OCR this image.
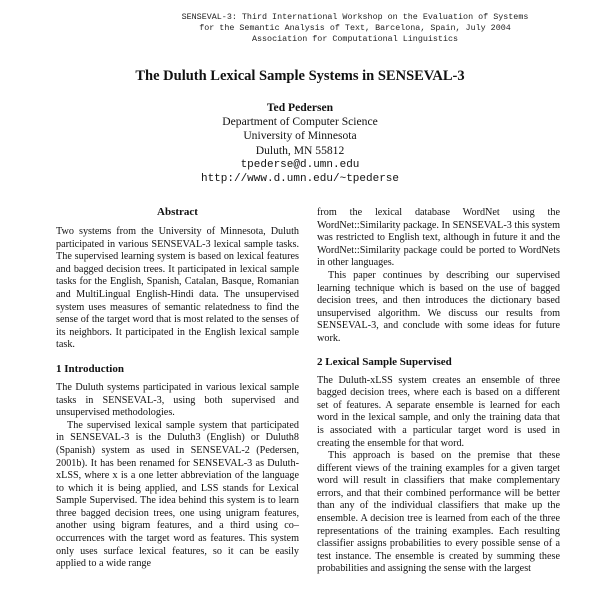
SENSEVAL-3: Third International Workshop on the Evaluation of Systems
for the Semantic Analysis of Text, Barcelona, Spain, July 2004
Association for Computational Linguistics
The Duluth Lexical Sample Systems in SENSEVAL-3
Ted Pedersen
Department of Computer Science
University of Minnesota
Duluth, MN 55812
tpederse@d.umn.edu
http://www.d.umn.edu/~tpederse
Abstract

Two systems from the University of Minnesota, Duluth participated in various SENSEVAL-3 lexical sample tasks. The supervised learning system is based on lexical features and bagged decision trees. It participated in lexical sample tasks for the English, Spanish, Catalan, Basque, Romanian and MultiLingual English-Hindi data. The unsupervised system uses measures of semantic relatedness to find the sense of the target word that is most related to the senses of its neighbors. It participated in the English lexical sample task.

1 Introduction

The Duluth systems participated in various lexical sample tasks in SENSEVAL-3, using both supervised and unsupervised methodologies.

The supervised lexical sample system that participated in SENSEVAL-3 is the Duluth3 (English) or Duluth8 (Spanish) system as used in SENSEVAL-2 (Pedersen, 2001b). It has been renamed for SENSEVAL-3 as Duluth-xLSS, where x is a one letter abbreviation of the language to which it is being applied, and LSS stands for Lexical Sample Supervised. The idea behind this system is to learn three bagged decision trees, one using unigram features, another using bigram features, and a third using co–occurrences with the target word as features. This system only uses surface lexical features, so it can be easily applied to a wide range

from the lexical database WordNet using the WordNet::Similarity package. In SENSEVAL-3 this system was restricted to English text, although in future it and the WordNet::Similarity package could be ported to WordNets in other languages.

This paper continues by describing our supervised learning technique which is based on the use of bagged decision trees, and then introduces the dictionary based unsupervised algorithm. We discuss our results from SENSEVAL-3, and conclude with some ideas for future work.

2 Lexical Sample Supervised

The Duluth-xLSS system creates an ensemble of three bagged decision trees, where each is based on a different set of features. A separate ensemble is learned for each word in the lexical sample, and only the training data that is associated with a particular target word is used in creating the ensemble for that word.

This approach is based on the premise that these different views of the training examples for a given target word will result in classifiers that make complementary errors, and that their combined performance will be better than any of the individual classifiers that make up the ensemble. A decision tree is learned from each of the three representations of the training examples. Each resulting classifier assigns probabilities to every possible sense of a test instance. The ensemble is created by summing these probabilities and assigning the sense with the largest
